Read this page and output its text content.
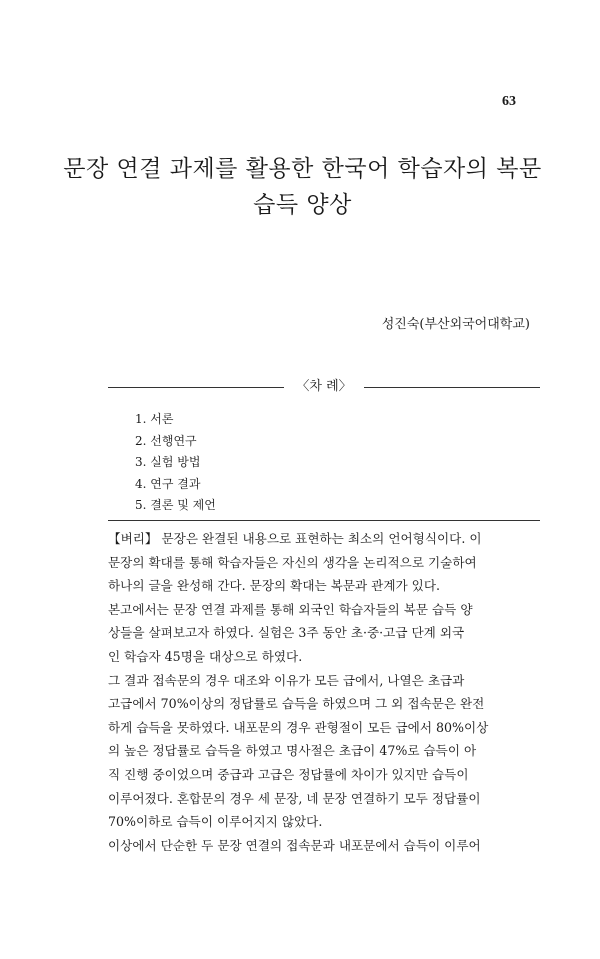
63
문장 연결 과제를 활용한 한국어 학습자의 복문
습득 양상
성진숙(부산외국어대학교)
〈차 례〉
1. 서론
2. 선행연구
3. 실험 방법
4. 연구 결과
5. 결론 및 제언
【벼리】 문장은 완결된 내용으로 표현하는 최소의 언어형식이다. 이
문장의 확대를 통해 학습자들은 자신의 생각을 논리적으로 기술하여
하나의 글을 완성해 간다. 문장의 확대는 복문과 관계가 있다.
본고에서는 문장 연결 과제를 통해 외국인 학습자들의 복문 습득 양
상들을 살펴보고자 하였다. 실험은 3주 동안 초·중·고급 단계 외국
인 학습자 45명을 대상으로 하였다.
그 결과 접속문의 경우 대조와 이유가 모든 급에서, 나열은 초급과
고급에서 70%이상의 정답률로 습득을 하였으며 그 외 접속문은 완전
하게 습득을 못하였다. 내포문의 경우 관형절이 모든 급에서 80%이상
의 높은 정답률로 습득을 하였고 명사절은 초급이 47%로 습득이 아
직 진행 중이었으며 중급과 고급은 정답률에 차이가 있지만 습득이
이루어졌다. 혼합문의 경우 세 문장, 네 문장 연결하기 모두 정답률이
70%이하로 습득이 이루어지지 않았다.
이상에서 단순한 두 문장 연결의 접속문과 내포문에서 습득이 이루어
